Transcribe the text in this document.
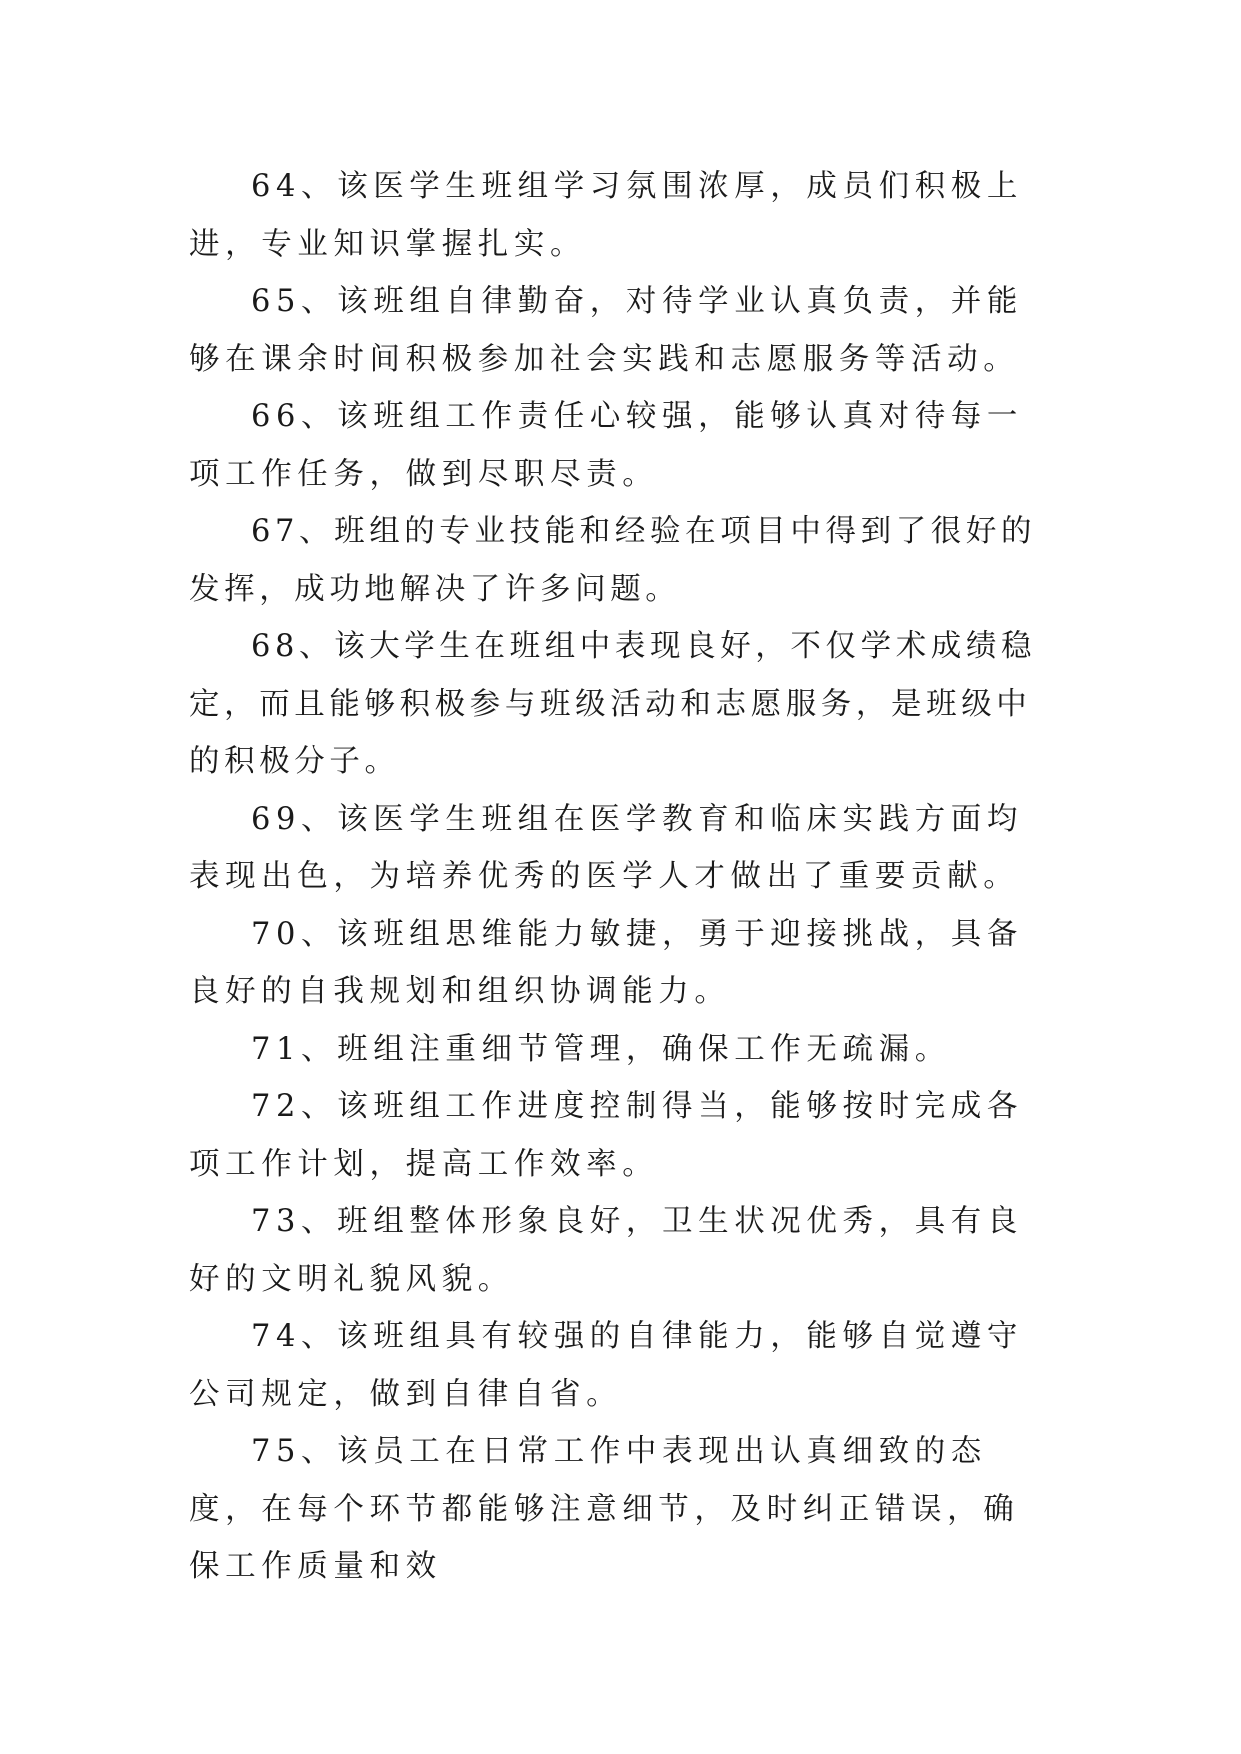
64、该医学生班组学习氛围浓厚，成员们积极上进，专业知识掌握扎实。

65、该班组自律勤奋，对待学业认真负责，并能够在课余时间积极参加社会实践和志愿服务等活动。

66、该班组工作责任心较强，能够认真对待每一项工作任务，做到尽职尽责。

67、班组的专业技能和经验在项目中得到了很好的发挥，成功地解决了许多问题。

68、该大学生在班组中表现良好，不仅学术成绩稳定，而且能够积极参与班级活动和志愿服务，是班级中的积极分子。

69、该医学生班组在医学教育和临床实践方面均表现出色，为培养优秀的医学人才做出了重要贡献。

70、该班组思维能力敏捷，勇于迎接挑战，具备良好的自我规划和组织协调能力。

71、班组注重细节管理，确保工作无疏漏。

72、该班组工作进度控制得当，能够按时完成各项工作计划，提高工作效率。

73、班组整体形象良好，卫生状况优秀，具有良好的文明礼貌风貌。

74、该班组具有较强的自律能力，能够自觉遵守公司规定，做到自律自省。

75、该员工在日常工作中表现出认真细致的态度，在每个环节都能够注意细节，及时纠正错误，确保工作质量和效
